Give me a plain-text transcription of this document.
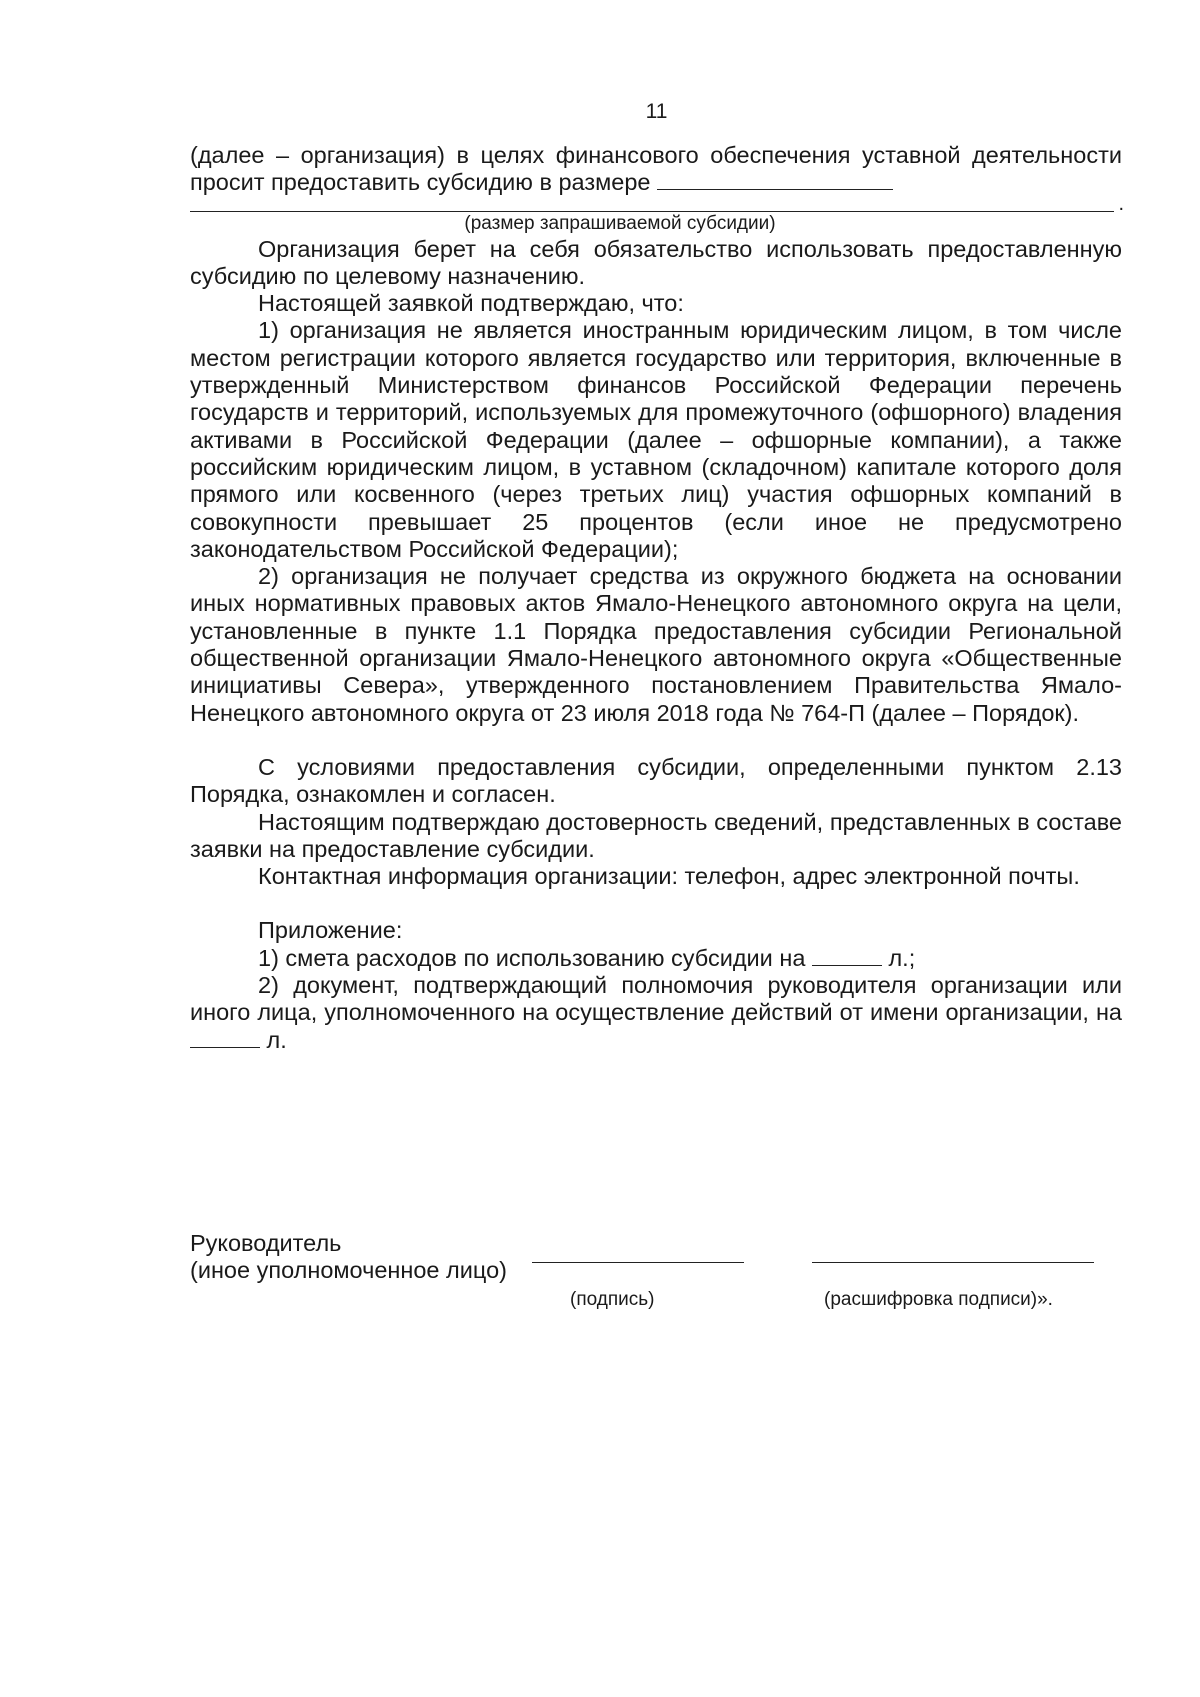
11

(далее – организация) в целях финансового обеспечения уставной деятельности просит предоставить субсидию в размере

.
(размер запрашиваемой субсидии)

Организация берет на себя обязательство использовать предоставленную субсидию по целевому назначению.

Настоящей заявкой подтверждаю, что:

1) организация не является иностранным юридическим лицом, в том числе местом регистрации которого является государство или территория, включенные в утвержденный Министерством финансов Российской Федерации перечень государств и территорий, используемых для промежуточного (офшорного) владения активами в Российской Федерации (далее – офшорные компании), а также российским юридическим лицом, в уставном (складочном) капитале которого доля прямого или косвенного (через третьих лиц) участия офшорных компаний в совокупности превышает 25 процентов (если иное не предусмотрено законодательством Российской Федерации);

2) организация не получает средства из окружного бюджета на основании иных нормативных правовых актов Ямало-Ненецкого автономного округа на цели, установленные в пункте 1.1 Порядка предоставления субсидии Региональной общественной организации Ямало-Ненецкого автономного округа «Общественные инициативы Севера», утвержденного постановлением Правительства Ямало-Ненецкого автономного округа от 23 июля 2018 года № 764-П (далее – Порядок).

С условиями предоставления субсидии, определенными пунктом 2.13 Порядка, ознакомлен и согласен.

Настоящим подтверждаю достоверность сведений, представленных в составе заявки на предоставление субсидии.

Контактная информация организации: телефон, адрес электронной почты.

Приложение:

1) смета расходов по использованию субсидии на	л.;

2) документ, подтверждающий полномочия руководителя организации или иного лица, уполномоченного на осуществление действий от имени организации, на  л.

Руководитель
(иное уполномоченное лицо)
(подпись)	(расшифровка подписи)».
